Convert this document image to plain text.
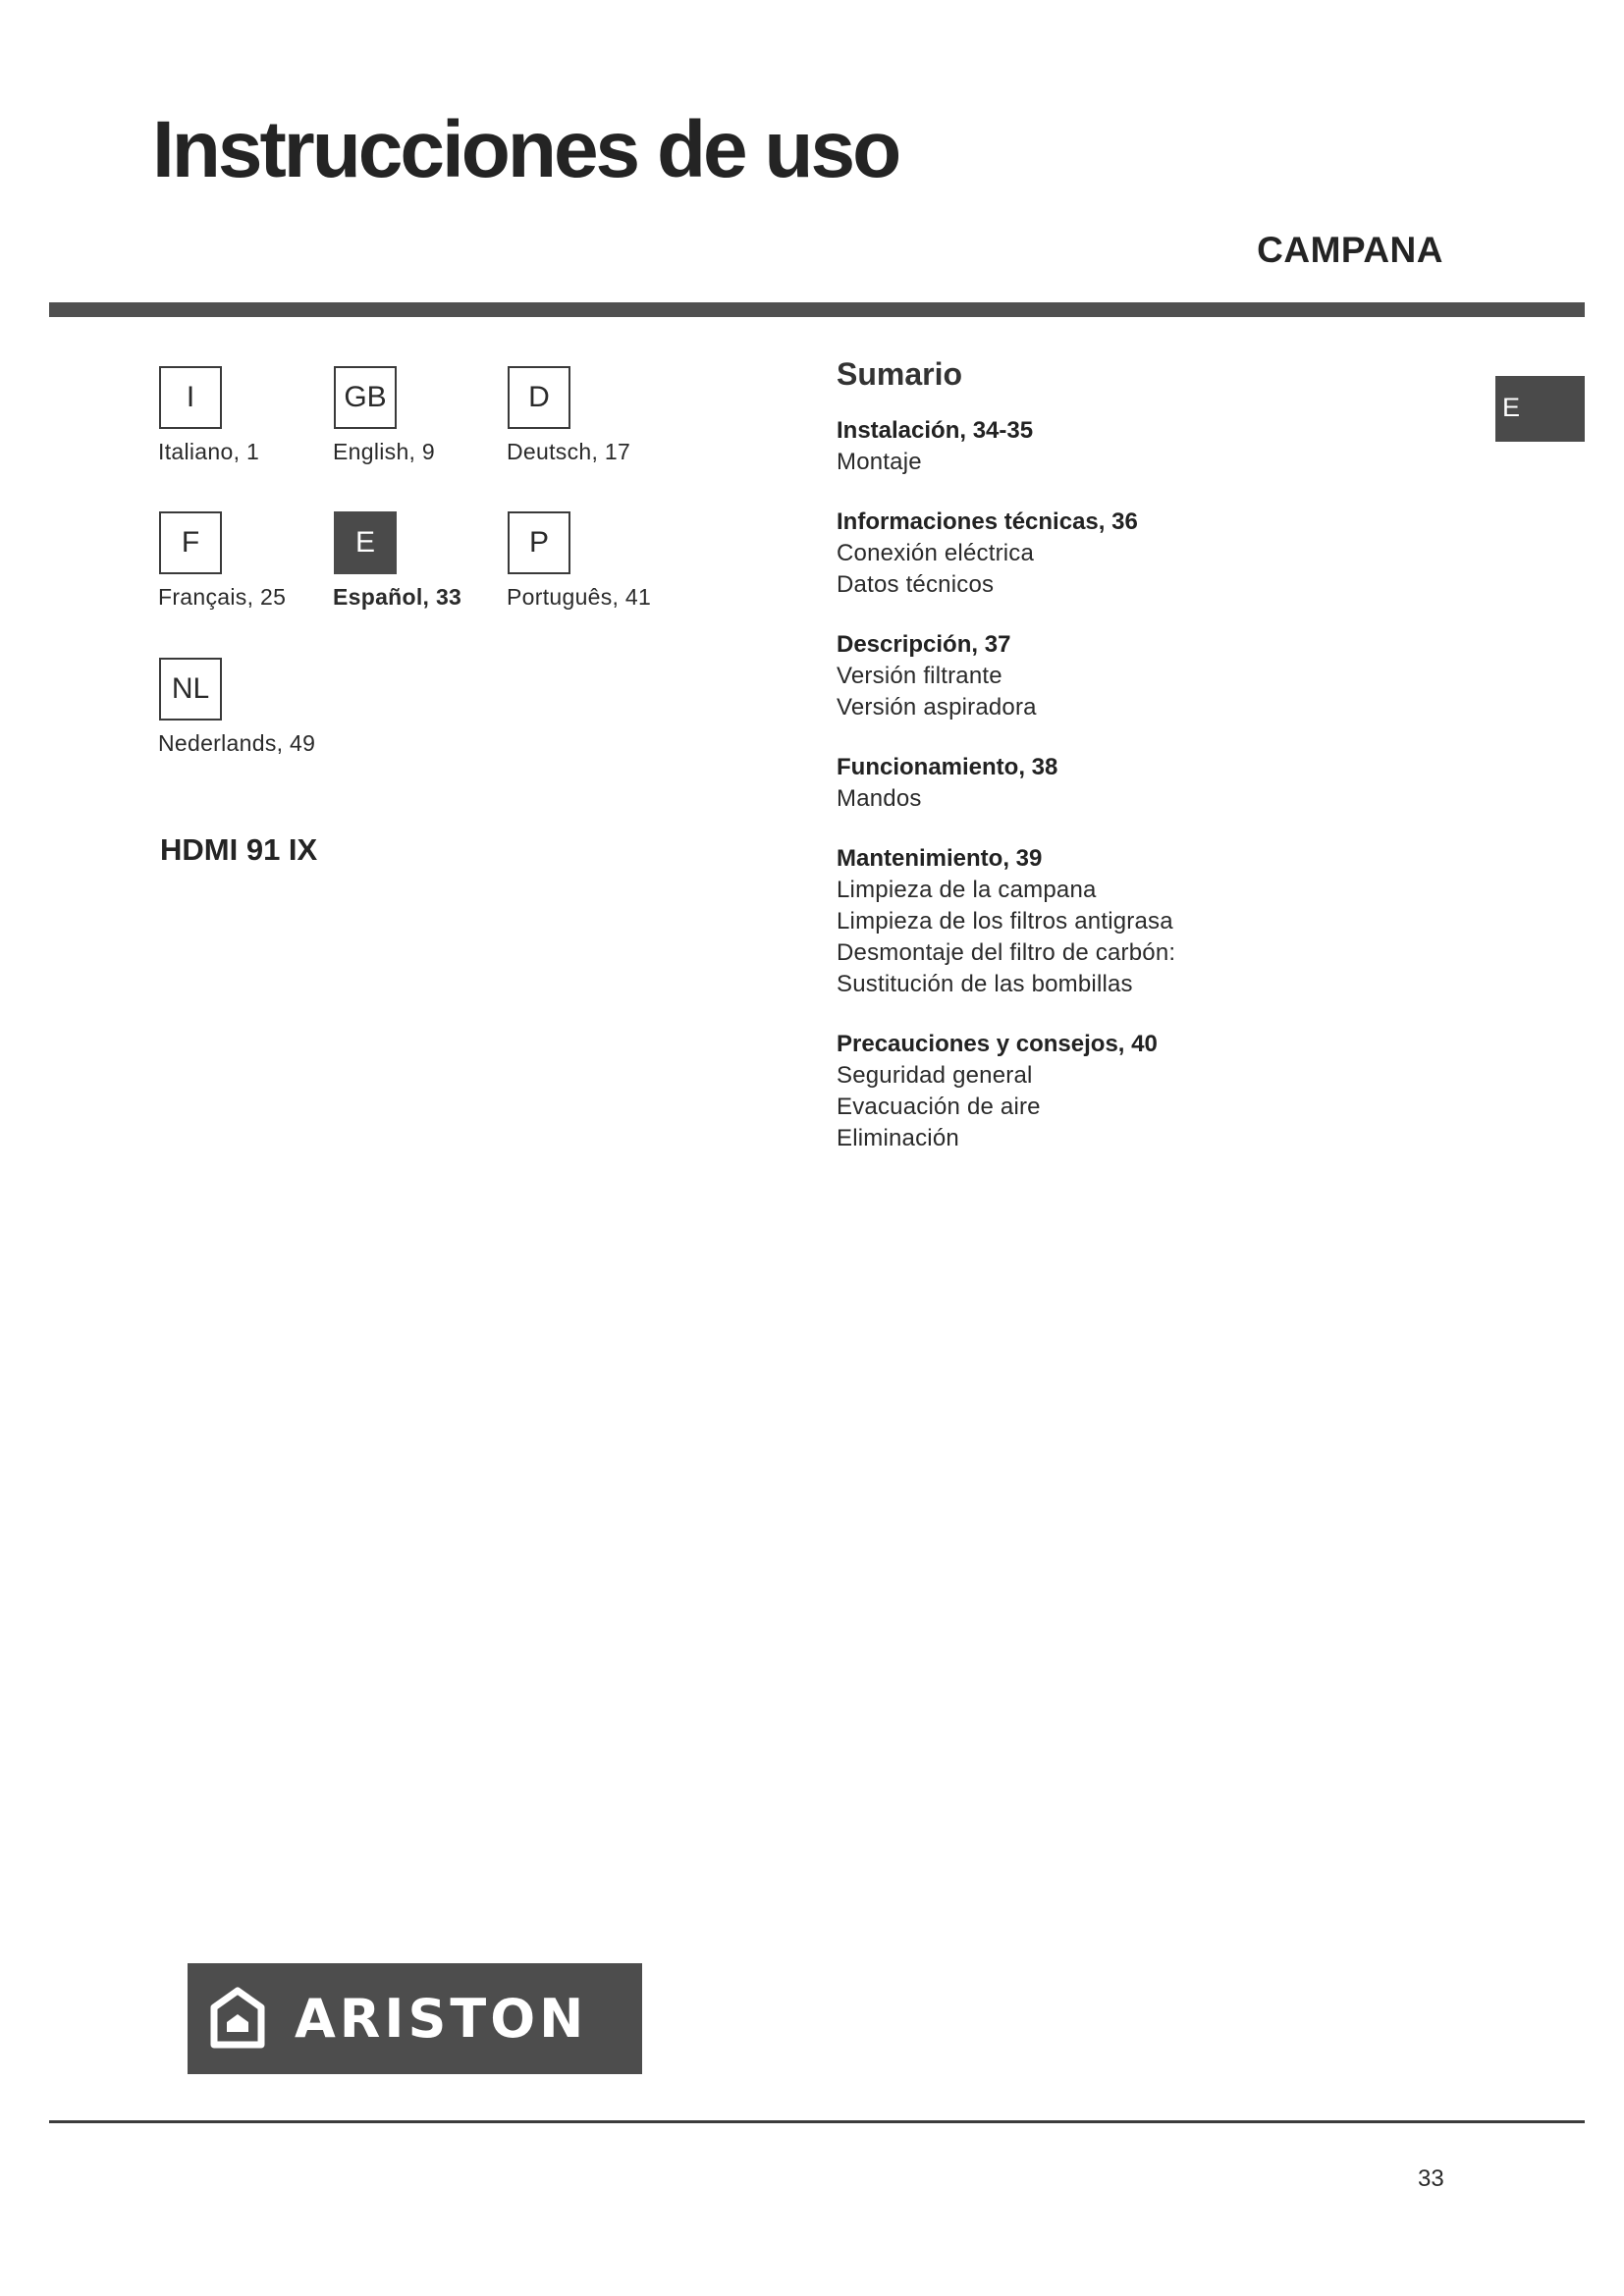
Instrucciones de uso
CAMPANA
I
Italiano, 1
GB
English, 9
D
Deutsch, 17
F
Français, 25
E
Español, 33
P
Português, 41
NL
Nederlands, 49
HDMI 91 IX
Sumario
Instalación, 34-35
Montaje
Informaciones técnicas, 36
Conexión eléctrica
Datos técnicos
Descripción, 37
Versión filtrante
Versión aspiradora
Funcionamiento, 38
Mandos
Mantenimiento, 39
Limpieza de la campana
Limpieza de los filtros antigrasa
Desmontaje del filtro de carbón:
Sustitución de las bombillas
Precauciones y consejos, 40
Seguridad general
Evacuación de aire
Eliminación
E
ARISTON
33
